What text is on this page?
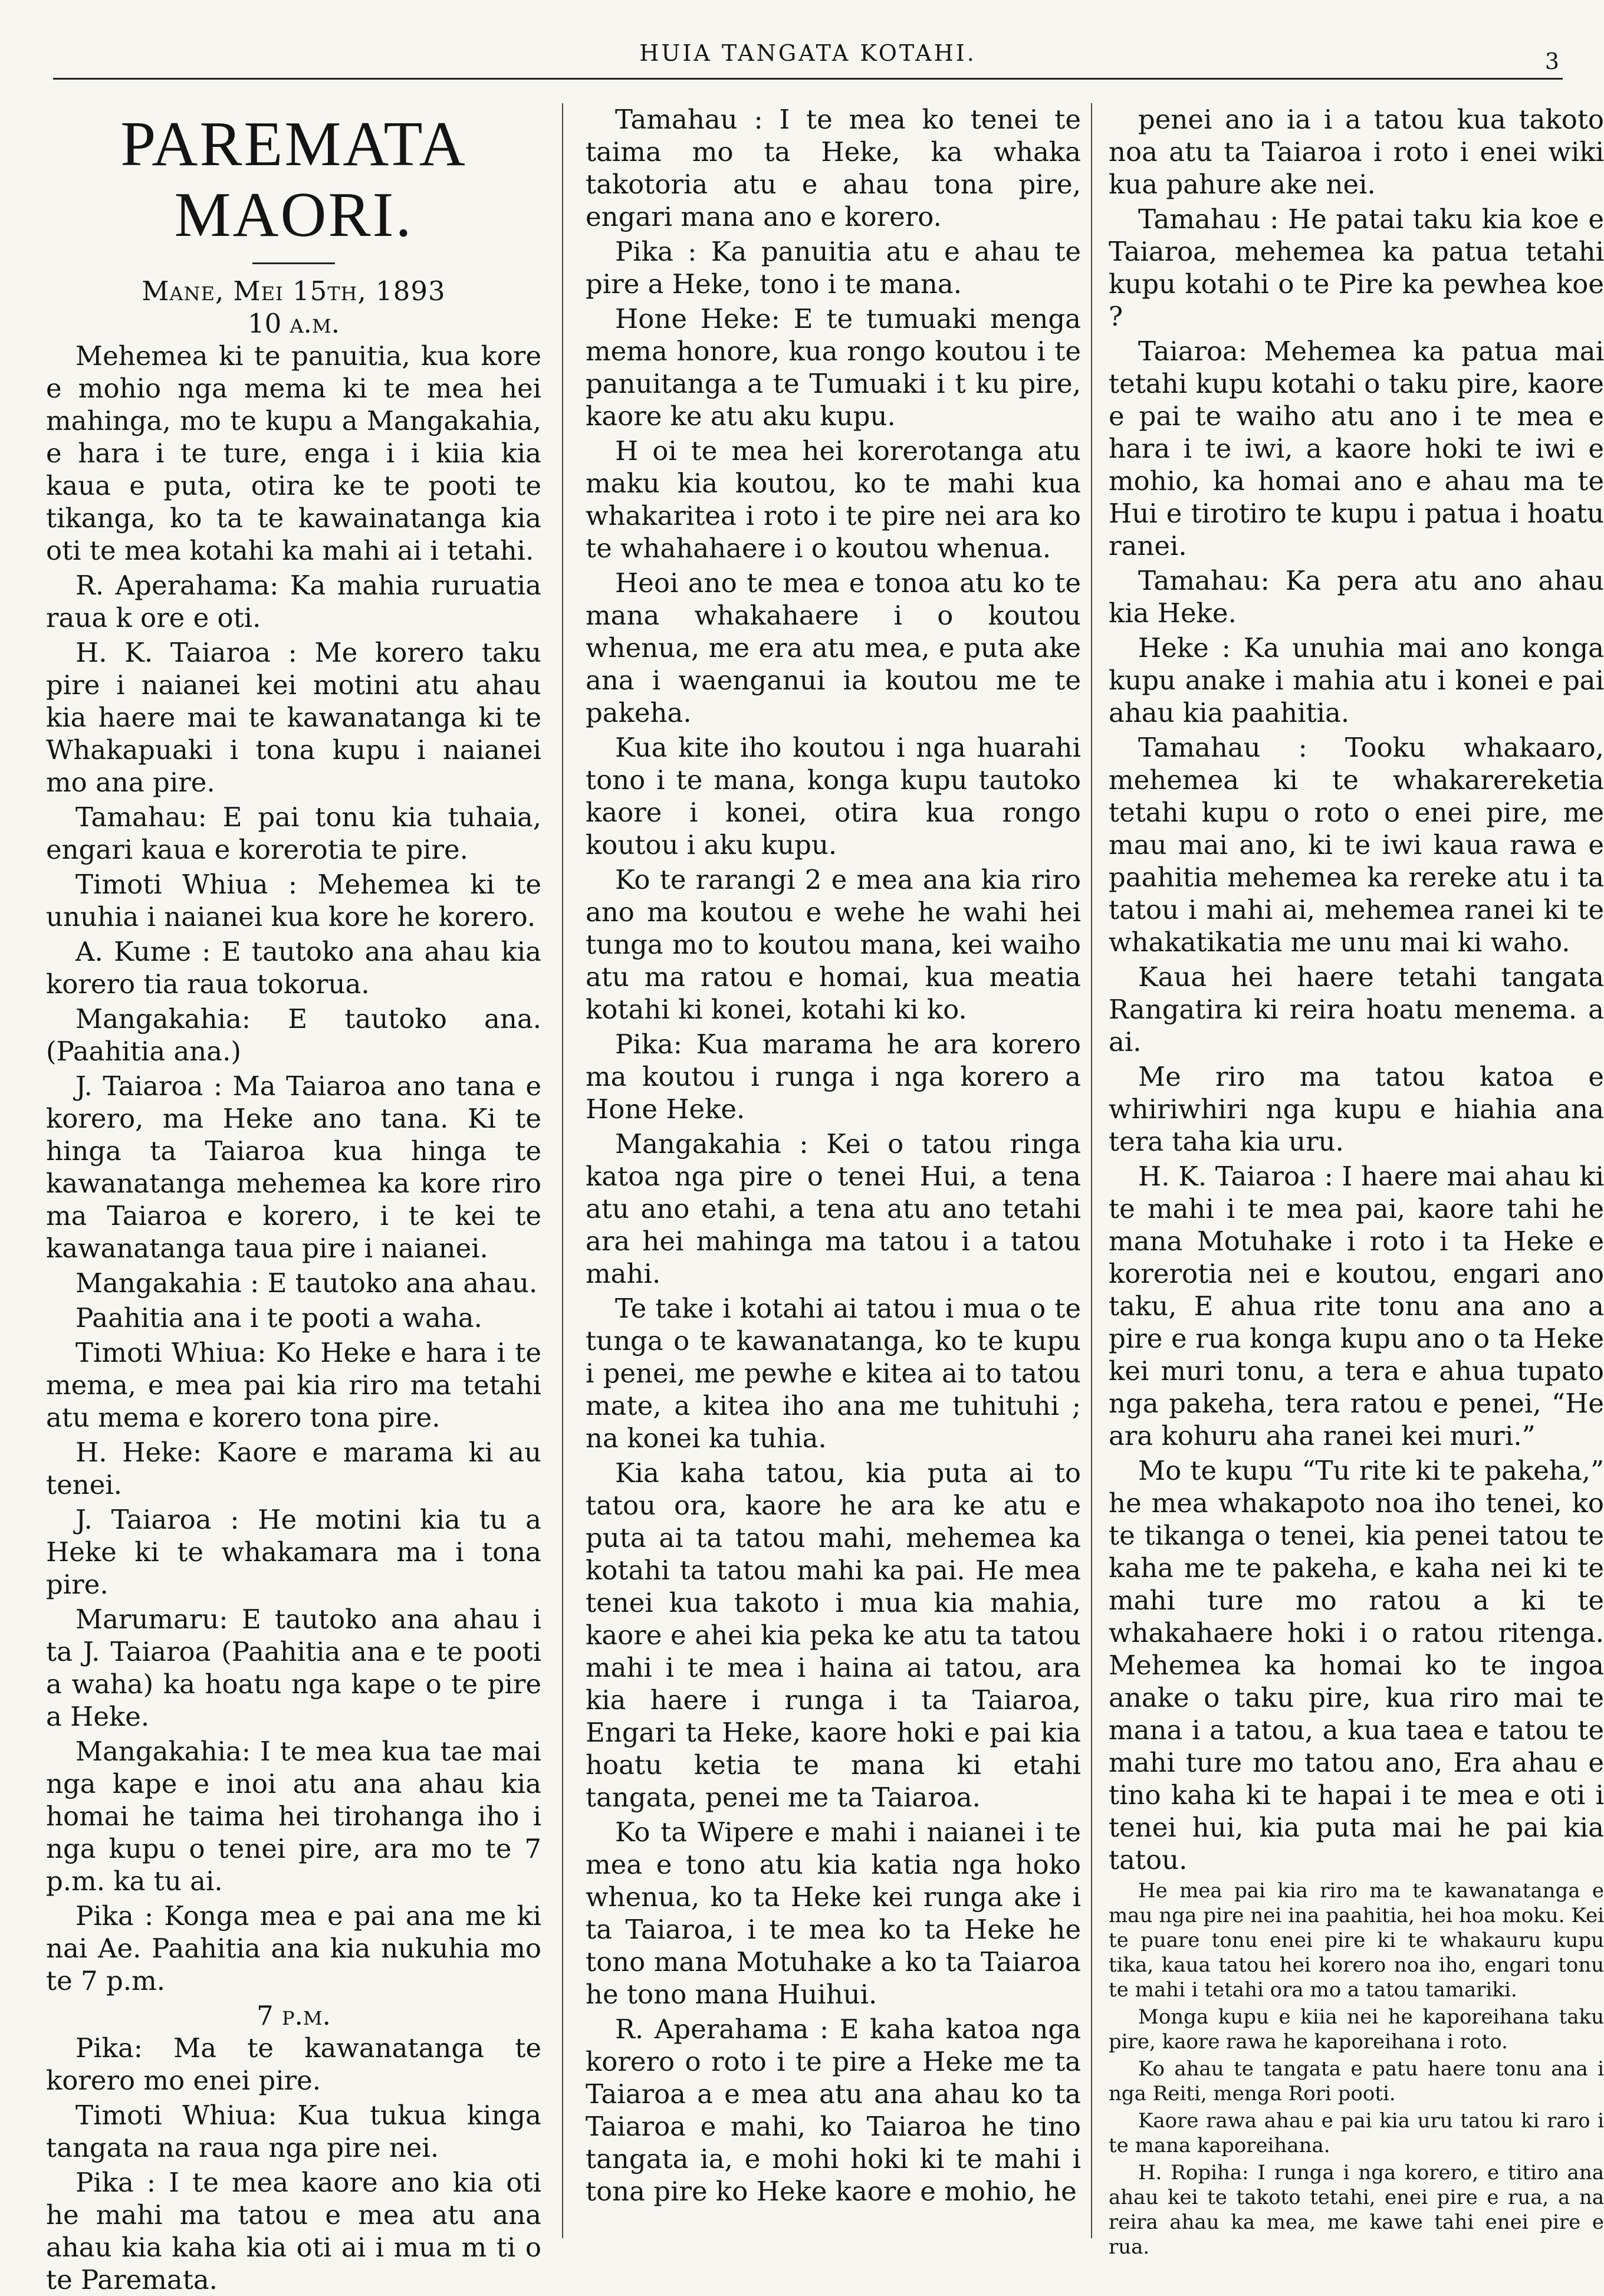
HUIA TANGATA KOTAHI.	3
PAREMATA MAORI.
Mane, Mei 15th, 1893
10 a.m.

Mehemea ki te panuitia, kua kore e mohio nga mema ki te mea hei mahinga, mo te kupu a Mangakahia, e hara i te ture, enga i i kiia kia kaua e puta, otira ke te pooti te tikanga, ko ta te kawainatanga kia oti te mea kotahi ka mahi ai i tetahi.

R. Aperahama: Ka mahia ruruatia raua k ore e oti.

H. K. Taiaroa : Me korero taku pire i naianei kei motini atu ahau kia haere mai te kawanatanga ki te Whakapuaki i tona kupu i naianei mo ana pire.

Tamahau: E pai tonu kia tuhaia, engari kaua e korerotia te pire.

Timoti Whiua : Mehemea ki te unuhia i naianei kua kore he korero.

A. Kume : E tautoko ana ahau kia korero tia raua tokorua.

Mangakahia: E tautoko ana. (Paahitia ana.)

J. Taiaroa : Ma Taiaroa ano tana e korero, ma Heke ano tana. Ki te hinga ta Taiaroa kua hinga te kawanatanga mehemea ka kore riro ma Taiaroa e korero, i te kei te kawanatanga taua pire i naianei.

Mangakahia : E tautoko ana ahau.

Paahitia ana i te pooti a waha.

Timoti Whiua: Ko Heke e hara i te mema, e mea pai kia riro ma tetahi atu mema e korero tona pire.

H. Heke: Kaore e marama ki au tenei.

J. Taiaroa : He motini kia tu a Heke ki te whakamara ma i tona pire.

Marumaru: E tautoko ana ahau i ta J. Taiaroa (Paahitia ana e te pooti a waha) ka hoatu nga kape o te pire a Heke.

Mangakahia: I te mea kua tae mai nga kape e inoi atu ana ahau kia homai he taima hei tirohanga iho i nga kupu o tenei pire, ara mo te 7 p.m. ka tu ai.

Pika : Konga mea e pai ana me ki nai Ae. Paahitia ana kia nukuhia mo te 7 p.m.

7 p.m.

Pika: Ma te kawanatanga te korero mo enei pire.

Timoti Whiua: Kua tukua kinga tangata na raua nga pire nei.

Pika : I te mea kaore ano kia oti he mahi ma tatou e mea atu ana ahau kia kaha kia oti ai i mua m ti o te Paremata.

Tamahau : I te mea ko tenei te taima mo ta Heke, ka whaka takotoria atu e ahau tona pire, engari mana ano e korero.

Pika : Ka panuitia atu e ahau te pire a Heke, tono i te mana.

Hone Heke: E te tumuaki menga mema honore, kua rongo koutou i te panuitanga a te Tumuaki i t ku pire, kaore ke atu aku kupu.

H oi te mea hei korerotanga atu maku kia koutou, ko te mahi kua whakaritea i roto i te pire nei ara ko te whahahaere i o koutou whenua.

Heoi ano te mea e tonoa atu ko te mana whakahaere i o koutou whenua, me era atu mea, e puta ake ana i waenganui ia koutou me te pakeha.

Kua kite iho koutou i nga huarahi tono i te mana, konga kupu tautoko kaore i konei, otira kua rongo koutou i aku kupu.

Ko te rarangi 2 e mea ana kia riro ano ma koutou e wehe he wahi hei tunga mo to koutou mana, kei waiho atu ma ratou e homai, kua meatia kotahi ki konei, kotahi ki ko.

Pika: Kua marama he ara korero ma koutou i runga i nga korero a Hone Heke.

Mangakahia : Kei o tatou ringa katoa nga pire o tenei Hui, a tena atu ano etahi, a tena atu ano tetahi ara hei mahinga ma tatou i a tatou mahi.

Te take i kotahi ai tatou i mua o te tunga o te kawanatanga, ko te kupu i penei, me pewhe e kitea ai to tatou mate, a kitea iho ana me tuhituhi ; na konei ka tuhia.

Kia kaha tatou, kia puta ai to tatou ora, kaore he ara ke atu e puta ai ta tatou mahi, mehemea ka kotahi ta tatou mahi ka pai. He mea tenei kua takoto i mua kia mahia, kaore e ahei kia peka ke atu ta tatou mahi i te mea i haina ai tatou, ara kia haere i runga i ta Taiaroa, Engari ta Heke, kaore hoki e pai kia hoatu ketia te mana ki etahi tangata, penei me ta Taiaroa.

Ko ta Wipere e mahi i naianei i te mea e tono atu kia katia nga hoko whenua, ko ta Heke kei runga ake i ta Taiaroa, i te mea ko ta Heke he tono mana Motuhake a ko ta Taiaroa he tono mana Huihui.

R. Aperahama : E kaha katoa nga korero o roto i te pire a Heke me ta Taiaroa a e mea atu ana ahau ko ta Taiaroa e mahi, ko Taiaroa he tino tangata ia, e mohi hoki ki te mahi i tona pire ko Heke kaore e mohio, he

penei ano ia i a tatou kua takoto noa atu ta Taiaroa i roto i enei wiki kua pahure ake nei.

Tamahau : He patai taku kia koe e Taiaroa, mehemea ka patua tetahi kupu kotahi o te Pire ka pewhea koe ?

Taiaroa: Mehemea ka patua mai tetahi kupu kotahi o taku pire, kaore e pai te waiho atu ano i te mea e hara i te iwi, a kaore hoki te iwi e mohio, ka homai ano e ahau ma te Hui e tirotiro te kupu i patua i hoatu ranei.

Tamahau: Ka pera atu ano ahau kia Heke.

Heke : Ka unuhia mai ano konga kupu anake i mahia atu i konei e pai ahau kia paahitia.

Tamahau : Tooku whakaaro, mehemea ki te whakarereketia tetahi kupu o roto o enei pire, me mau mai ano, ki te iwi kaua rawa e paahitia mehemea ka rereke atu i ta tatou i mahi ai, mehemea ranei ki te whakatikatia me unu mai ki waho.

Kaua hei haere tetahi tangata Rangatira ki reira hoatu menema. a ai.

Me riro ma tatou katoa e whiriwhiri nga kupu e hiahia ana tera taha kia uru.

H. K. Taiaroa : I haere mai ahau ki te mahi i te mea pai, kaore tahi he mana Motuhake i roto i ta Heke e korerotia nei e koutou, engari ano taku, E ahua rite tonu ana ano a pire e rua konga kupu ano o ta Heke kei muri tonu, a tera e ahua tupato nga pakeha, tera ratou e penei, “He ara kohuru aha ranei kei muri.”

Mo te kupu “Tu rite ki te pakeha,” he mea whakapoto noa iho tenei, ko te tikanga o tenei, kia penei tatou te kaha me te pakeha, e kaha nei ki te mahi ture mo ratou a ki te whakahaere hoki i o ratou ritenga. Mehemea ka homai ko te ingoa anake o taku pire, kua riro mai te mana i a tatou, a kua taea e tatou te mahi ture mo tatou ano, Era ahau e tino kaha ki te hapai i te mea e oti i tenei hui, kia puta mai he pai kia tatou.

He mea pai kia riro ma te kawanatanga e mau nga pire nei ina paahitia, hei hoa moku. Kei te puare tonu enei pire ki te whakauru kupu tika, kaua tatou hei korero noa iho, engari tonu te mahi i tetahi ora mo a tatou tamariki.

Monga kupu e kiia nei he kaporeihana taku pire, kaore rawa he kaporeihana i roto.

Ko ahau te tangata e patu haere tonu ana i nga Reiti, menga Rori pooti.

Kaore rawa ahau e pai kia uru tatou ki raro i te mana kaporeihana.

H. Ropiha: I runga i nga korero, e titiro ana ahau kei te takoto tetahi, enei pire e rua, a na reira ahau ka mea, me kawe tahi enei pire e rua.
